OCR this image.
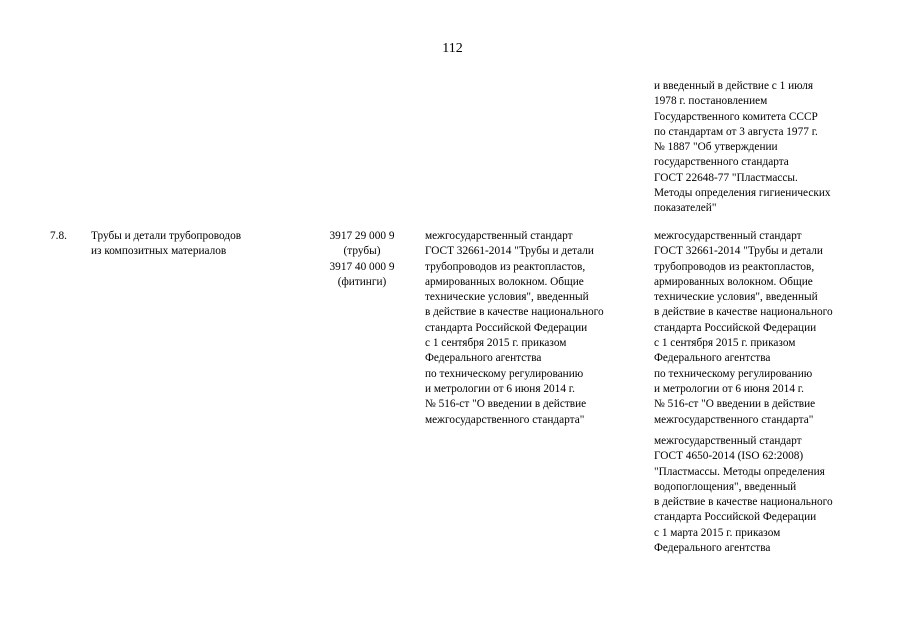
112
и введенный в действие с 1 июля
1978 г. постановлением
Государственного комитета СССР
по стандартам от 3 августа 1977 г.
№ 1887 "Об утверждении
государственного стандарта
ГОСТ 22648-77 "Пластмассы.
Методы определения гигиенических
показателей"
7.8. Трубы и детали трубопроводов
из композитных материалов
3917 29 000 9
(трубы)
3917 40 000 9
(фитинги)
межгосударственный стандарт
ГОСТ 32661-2014 "Трубы и детали
трубопроводов из реактопластов,
армированных волокном. Общие
технические условия", введенный
в действие в качестве национального
стандарта Российской Федерации
с 1 сентября 2015 г. приказом
Федерального агентства
по техническому регулированию
и метрологии от 6 июня 2014 г.
№ 516-ст "О введении в действие
межгосударственного стандарта"
межгосударственный стандарт
ГОСТ 32661-2014 "Трубы и детали
трубопроводов из реактопластов,
армированных волокном. Общие
технические условия", введенный
в действие в качестве национального
стандарта Российской Федерации
с 1 сентября 2015 г. приказом
Федерального агентства
по техническому регулированию
и метрологии от 6 июня 2014 г.
№ 516-ст "О введении в действие
межгосударственного стандарта"
межгосударственный стандарт
ГОСТ 4650-2014 (ISO 62:2008)
"Пластмассы. Методы определения
водопоглощения", введенный
в действие в качестве национального
стандарта Российской Федерации
с 1 марта 2015 г. приказом
Федерального агентства
